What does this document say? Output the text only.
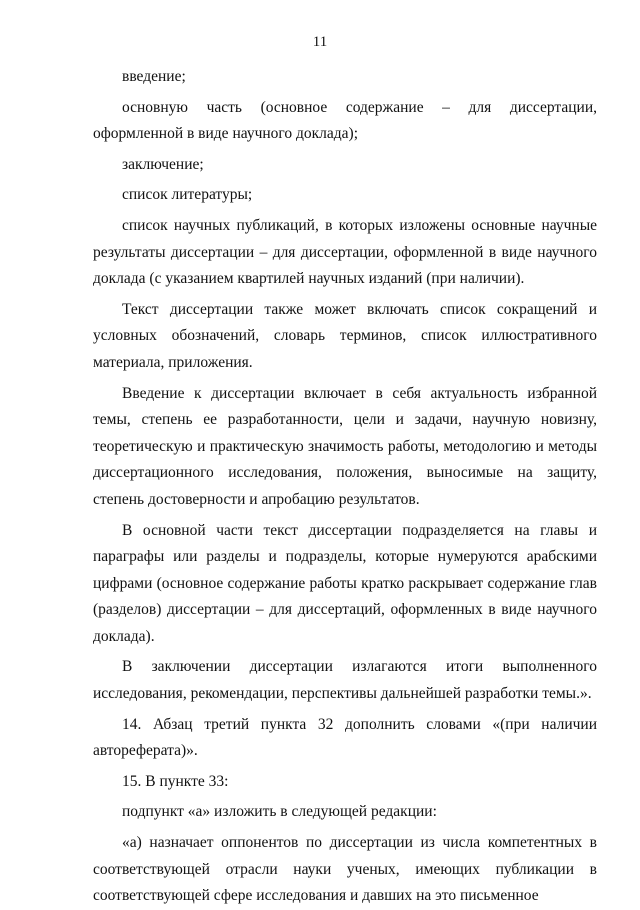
11

введение;

основную часть (основное содержание – для диссертации, оформленной в виде научного доклада);

заключение;

список литературы;

список научных публикаций, в которых изложены основные научные результаты диссертации – для диссертации, оформленной в виде научного доклада (с указанием квартилей научных изданий (при наличии).

Текст диссертации также может включать список сокращений и условных обозначений, словарь терминов, список иллюстративного материала, приложения.

Введение к диссертации включает в себя актуальность избранной темы, степень ее разработанности, цели и задачи, научную новизну, теоретическую и практическую значимость работы, методологию и методы диссертационного исследования, положения, выносимые на защиту, степень достоверности и апробацию результатов.

В основной части текст диссертации подразделяется на главы и параграфы или разделы и подразделы, которые нумеруются арабскими цифрами (основное содержание работы кратко раскрывает содержание глав (разделов) диссертации – для диссертаций, оформленных в виде научного доклада).

В заключении диссертации излагаются итоги выполненного исследования, рекомендации, перспективы дальнейшей разработки темы.».

14. Абзац третий пункта 32 дополнить словами «(при наличии автореферата)».

15. В пункте 33:

подпункт «а» изложить в следующей редакции:

«а) назначает оппонентов по диссертации из числа компетентных в соответствующей отрасли науки ученых, имеющих публикации в соответствующей сфере исследования и давших на это письменное
